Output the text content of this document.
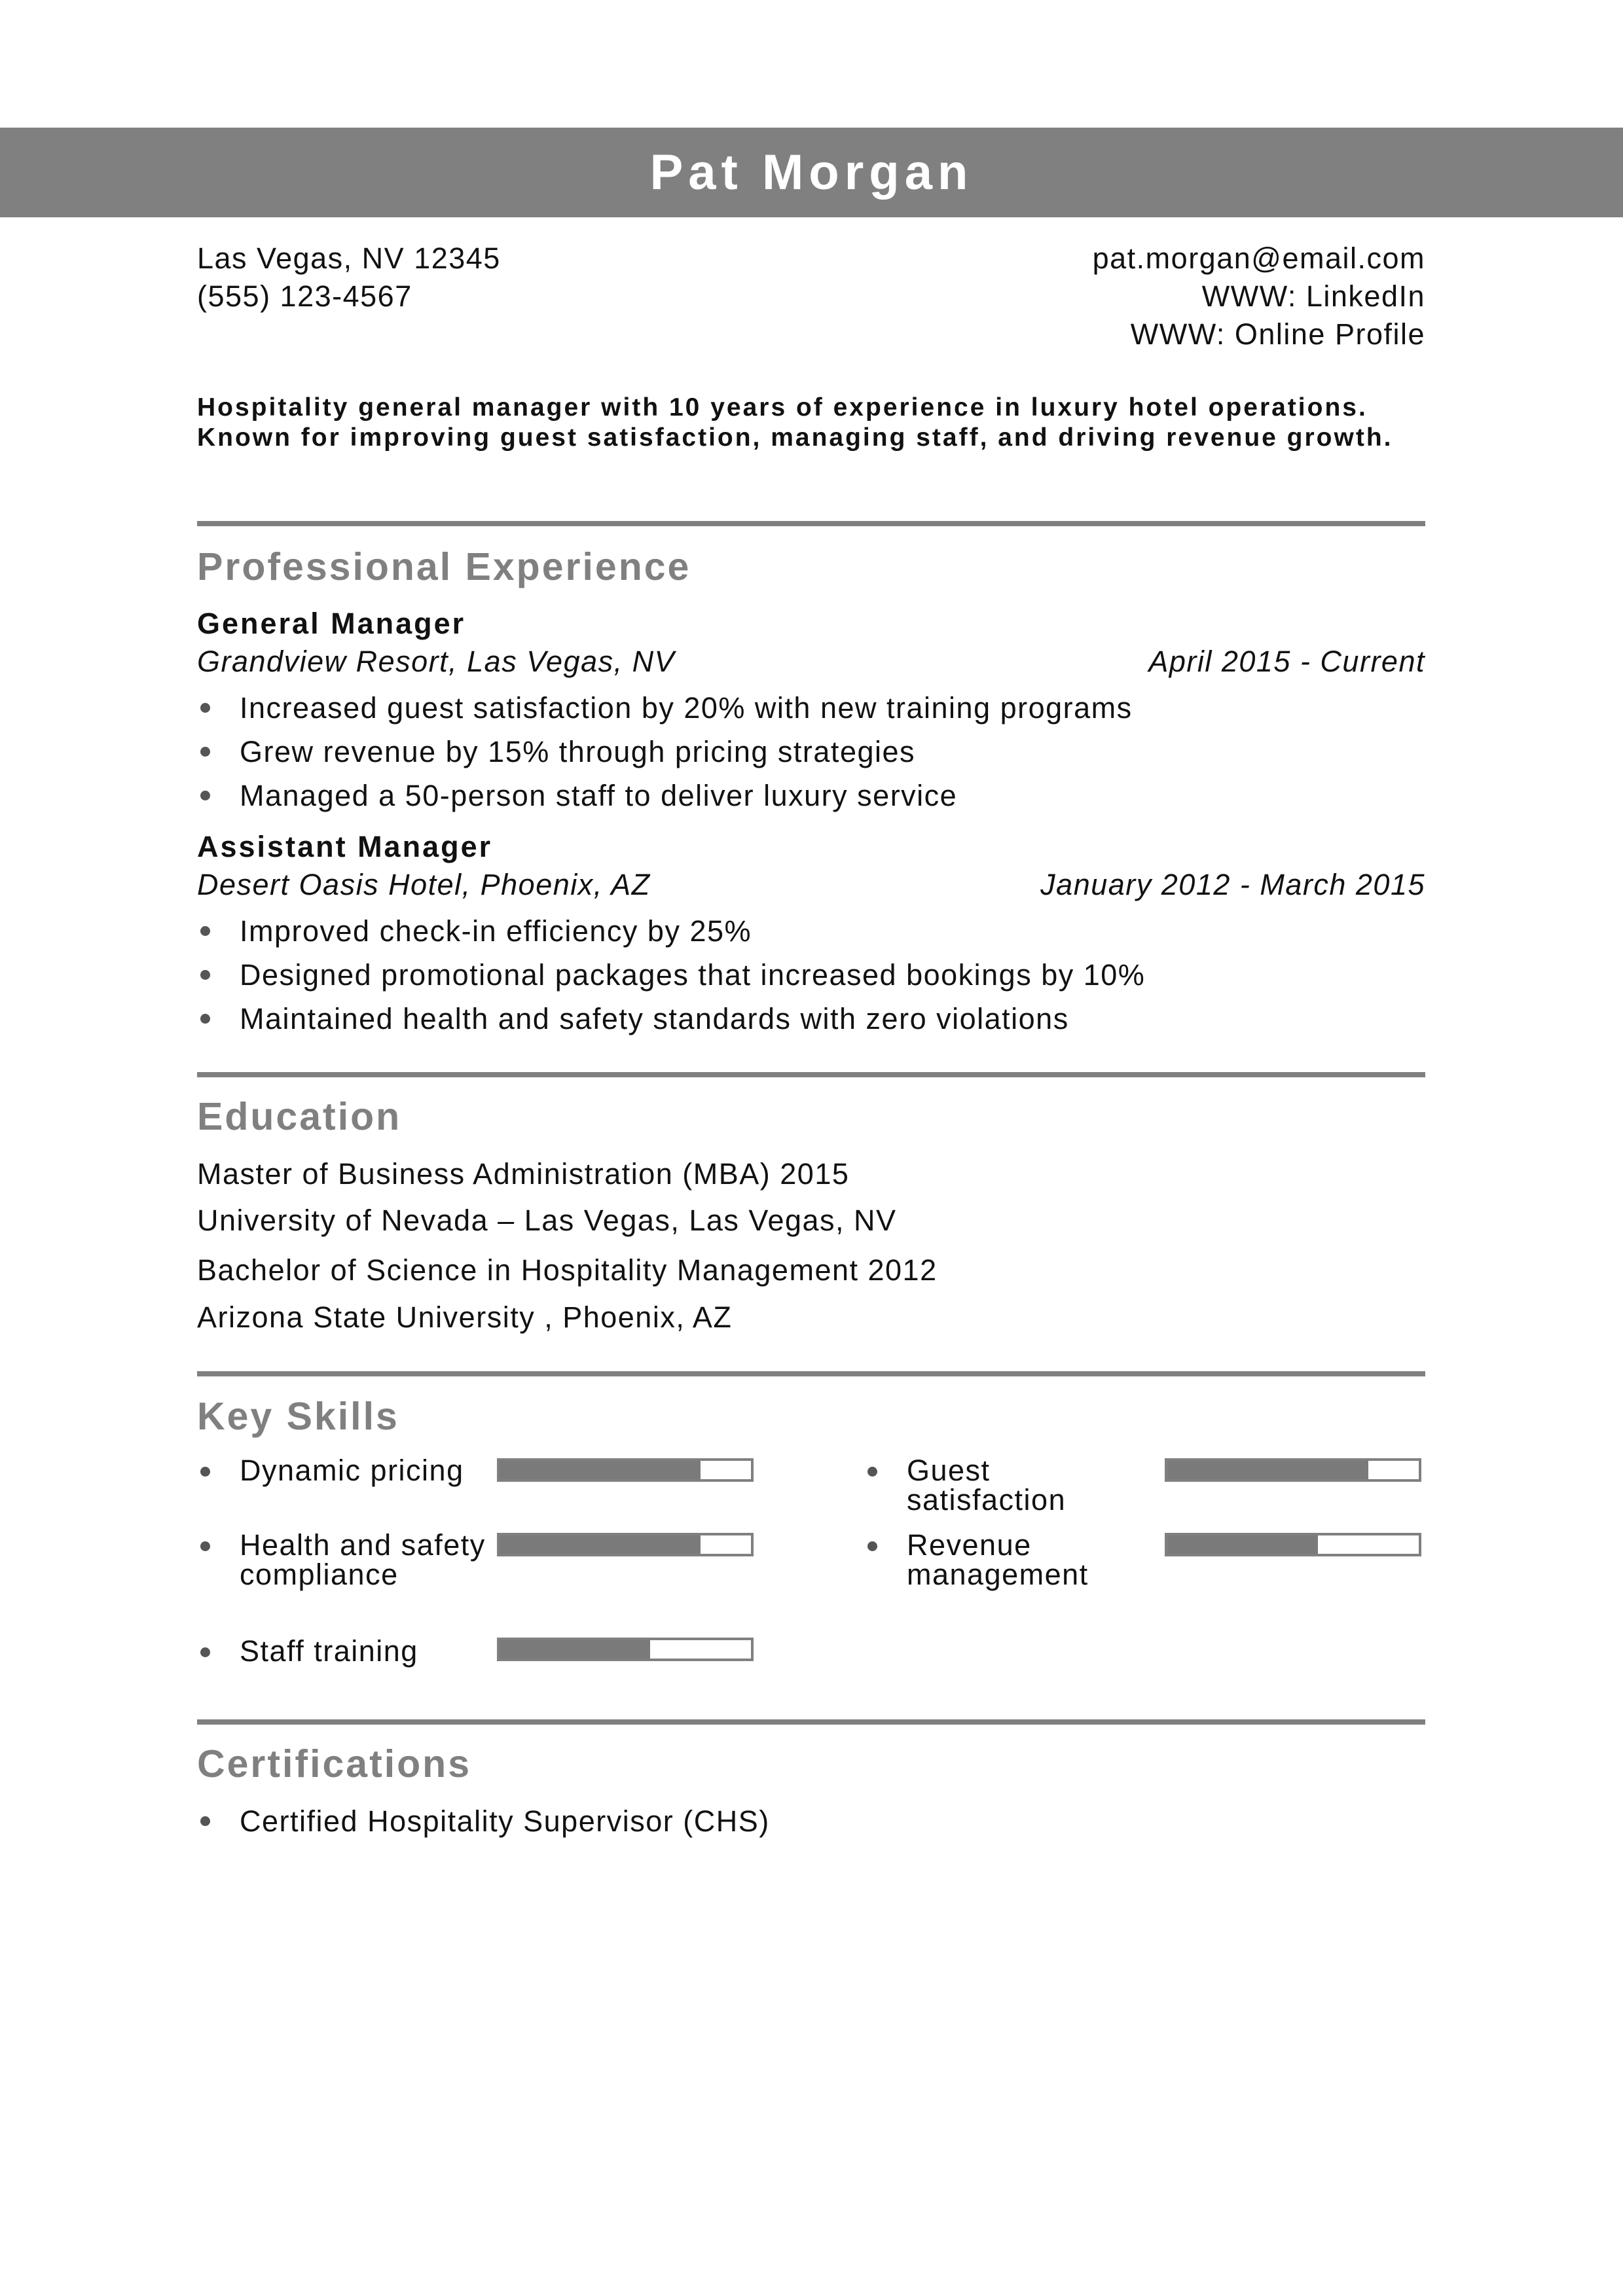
Pat Morgan
Las Vegas, NV 12345
(555) 123-4567
pat.morgan@email.com
WWW: LinkedIn
WWW: Online Profile
Hospitality general manager with 10 years of experience in luxury hotel operations. Known for improving guest satisfaction, managing staff, and driving revenue growth.
Professional Experience
General Manager
Grandview Resort, Las Vegas, NV	April 2015 - Current
Increased guest satisfaction by 20% with new training programs
Grew revenue by 15% through pricing strategies
Managed a 50-person staff to deliver luxury service
Assistant Manager
Desert Oasis Hotel, Phoenix, AZ	January 2012 - March 2015
Improved check-in efficiency by 25%
Designed promotional packages that increased bookings by 10%
Maintained health and safety standards with zero violations
Education
Master of Business Administration (MBA) 2015
University of Nevada – Las Vegas, Las Vegas, NV
Bachelor of Science in Hospitality Management 2012
Arizona State University , Phoenix, AZ
Key Skills
Dynamic pricing	Guest satisfaction
Health and safety compliance
Revenue management
Staff training
Certifications
Certified Hospitality Supervisor (CHS)
